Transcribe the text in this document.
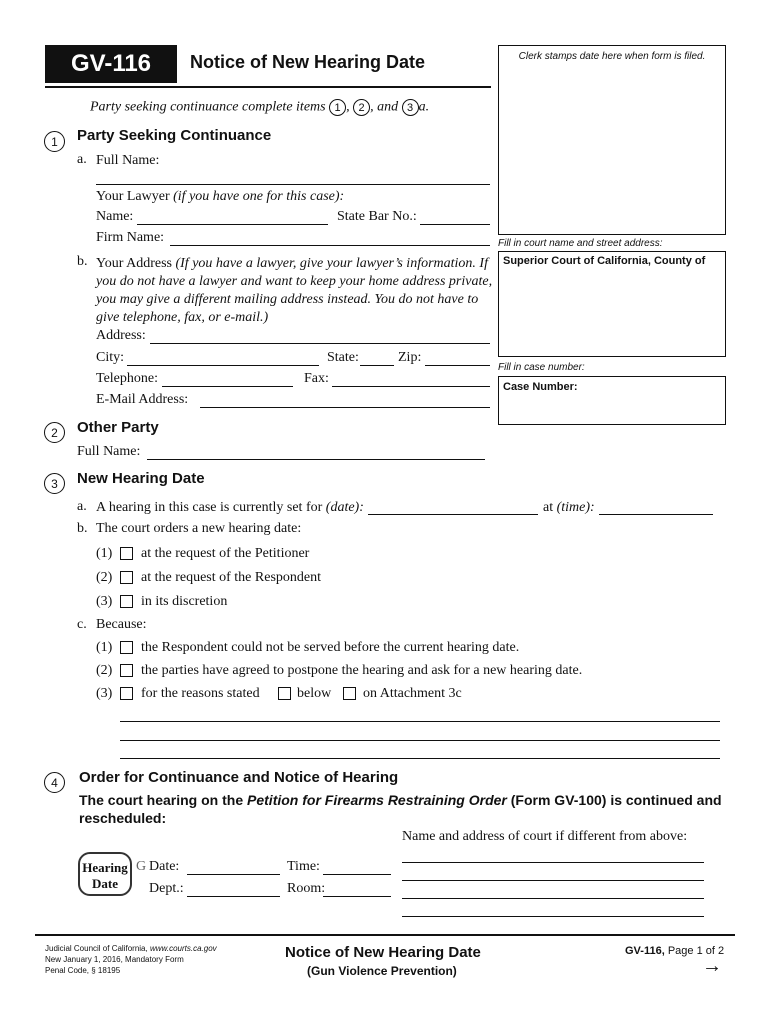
GV-116	Notice of New Hearing Date	Clerk stamps date here when form is filed.
Party seeking continuance complete items 1 , 2 , and 3 a.
Fill in court name and street address:
Superior Court of California, County of
Fill in case number:
Case Number:
1	Party Seeking Continuance
a. Full Name:
Your Lawyer (if you have one for this case):
Name:	State Bar No.:
Firm Name:
b. Your Address (If you have a lawyer, give your lawyer’s information. If
you do not have a lawyer and want to keep your home address private,
you may give a different mailing address instead. You do not have to
give telephone, fax, or e-mail.)
Address:
City:	State:	Zip:
Telephone:	Fax:
E-Mail Address:
2	Other Party
Full Name:
3	New Hearing Date
a. A hearing in this case is currently set for (date):	at (time):
b. The court orders a new hearing date:
(1) at the request of the Petitioner
(2) at the request of the Respondent
(3) in its discretion
c. Because:
(1) the Respondent could not be served before the current hearing date.
(2) the parties have agreed to postpone the hearing and ask for a new hearing date.
(3) for the reasons stated	below on Attachment 3c
4	Order for Continuance and Notice of Hearing
The court hearing on the Petition for Firearms Restraining Order (Form GV-100) is continued and
rescheduled:
Name and address of court if different from above:
Hearing
Date
G Date:	Time:
Dept.:	Room:
Judicial Council of California, www.courts.ca.gov
New January 1, 2016, Mandatory Form
Penal Code, § 18195
Notice of New Hearing Date
(Gun Violence Prevention)
GV-116, Page 1 of 2
→
